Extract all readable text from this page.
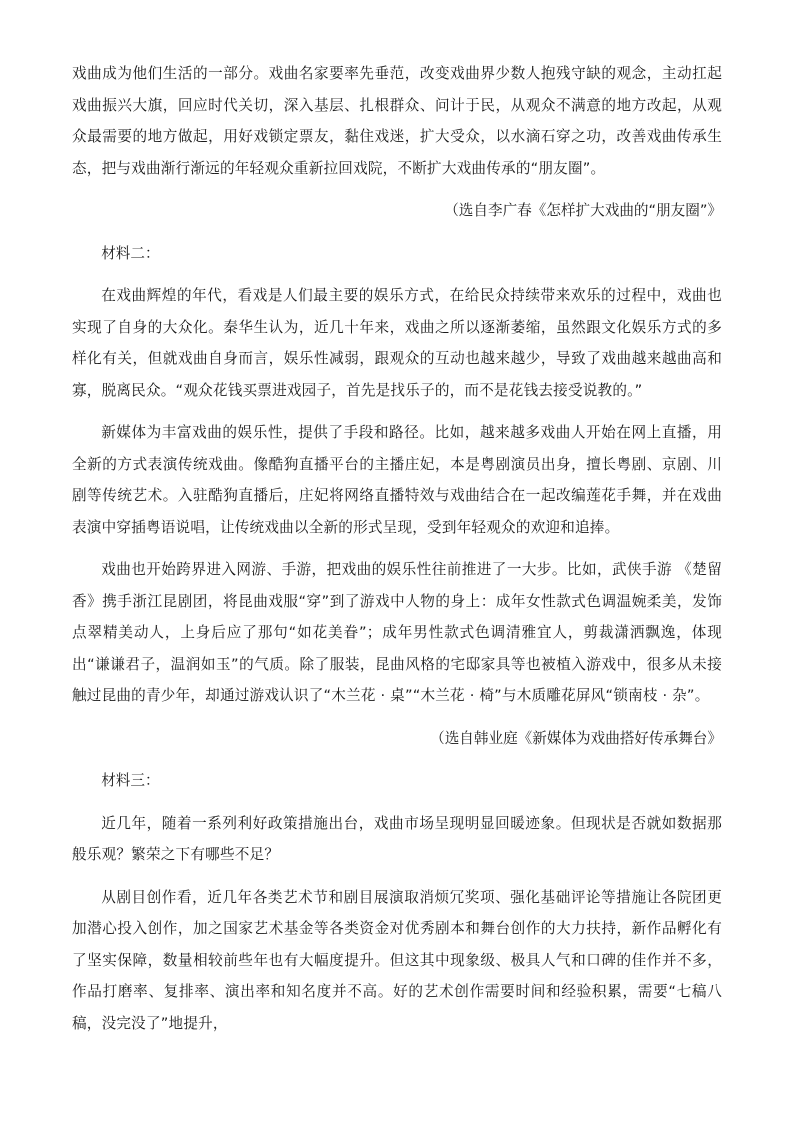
戏曲成为他们生活的一部分。戏曲名家要率先垂范，改变戏曲界少数人抱残守缺的观念，主动扛起戏曲振兴大旗，回应时代关切，深入基层、扎根群众、问计于民，从观众不满意的地方改起，从观众最需要的地方做起，用好戏锁定票友，黏住戏迷，扩大受众，以水滴石穿之功，改善戏曲传承生态，把与戏曲渐行渐远的年轻观众重新拉回戏院，不断扩大戏曲传承的“朋友圈”。

（选自李广春《怎样扩大戏曲的“朋友圈”》

材料二：

在戏曲辉煌的年代，看戏是人们最主要的娱乐方式，在给民众持续带来欢乐的过程中，戏曲也实现了自身的大众化。秦华生认为，近几十年来，戏曲之所以逐渐萎缩，虽然跟文化娱乐方式的多样化有关，但就戏曲自身而言，娱乐性减弱，跟观众的互动也越来越少，导致了戏曲越来越曲高和寡，脱离民众。“观众花钱买票进戏园子，首先是找乐子的，而不是花钱去接受说教的。”

新媒体为丰富戏曲的娱乐性，提供了手段和路径。比如，越来越多戏曲人开始在网上直播，用全新的方式表演传统戏曲。像酷狗直播平台的主播庄妃，本是粤剧演员出身，擅长粤剧、京剧、川剧等传统艺术。入驻酷狗直播后，庄妃将网络直播特效与戏曲结合在一起改编莲花手舞，并在戏曲表演中穿插粤语说唱，让传统戏曲以全新的形式呈现，受到年轻观众的欢迎和追捧。

戏曲也开始跨界进入网游、手游，把戏曲的娱乐性往前推进了一大步。比如，武侠手游 《楚留香》携手浙江昆剧团，将昆曲戏服“穿”到了游戏中人物的身上：成年女性款式色调温婉柔美，发饰点翠精美动人，上身后应了那句“如花美眷”；成年男性款式色调清雅宜人，剪裁潇洒飘逸，体现出“谦谦君子，温润如玉”的气质。除了服装，昆曲风格的宅邸家具等也被植入游戏中，很多从未接触过昆曲的青少年，却通过游戏认识了“木兰花 · 桌”“木兰花 · 椅”与木质雕花屏风“锁南枝 · 杂”。

（选自韩业庭《新媒体为戏曲搭好传承舞台》

材料三：

近几年，随着一系列利好政策措施出台，戏曲市场呈现明显回暖迹象。但现状是否就如数据那般乐观？繁荣之下有哪些不足？

从剧目创作看，近几年各类艺术节和剧目展演取消烦冗奖项、强化基础评论等措施让各院团更加潜心投入创作，加之国家艺术基金等各类资金对优秀剧本和舞台创作的大力扶持，新作品孵化有了坚实保障，数量相较前些年也有大幅度提升。但这其中现象级、极具人气和口碑的佳作并不多，作品打磨率、复排率、演出率和知名度并不高。好的艺术创作需要时间和经验积累，需要“七稿八稿，没完没了”地提升，
